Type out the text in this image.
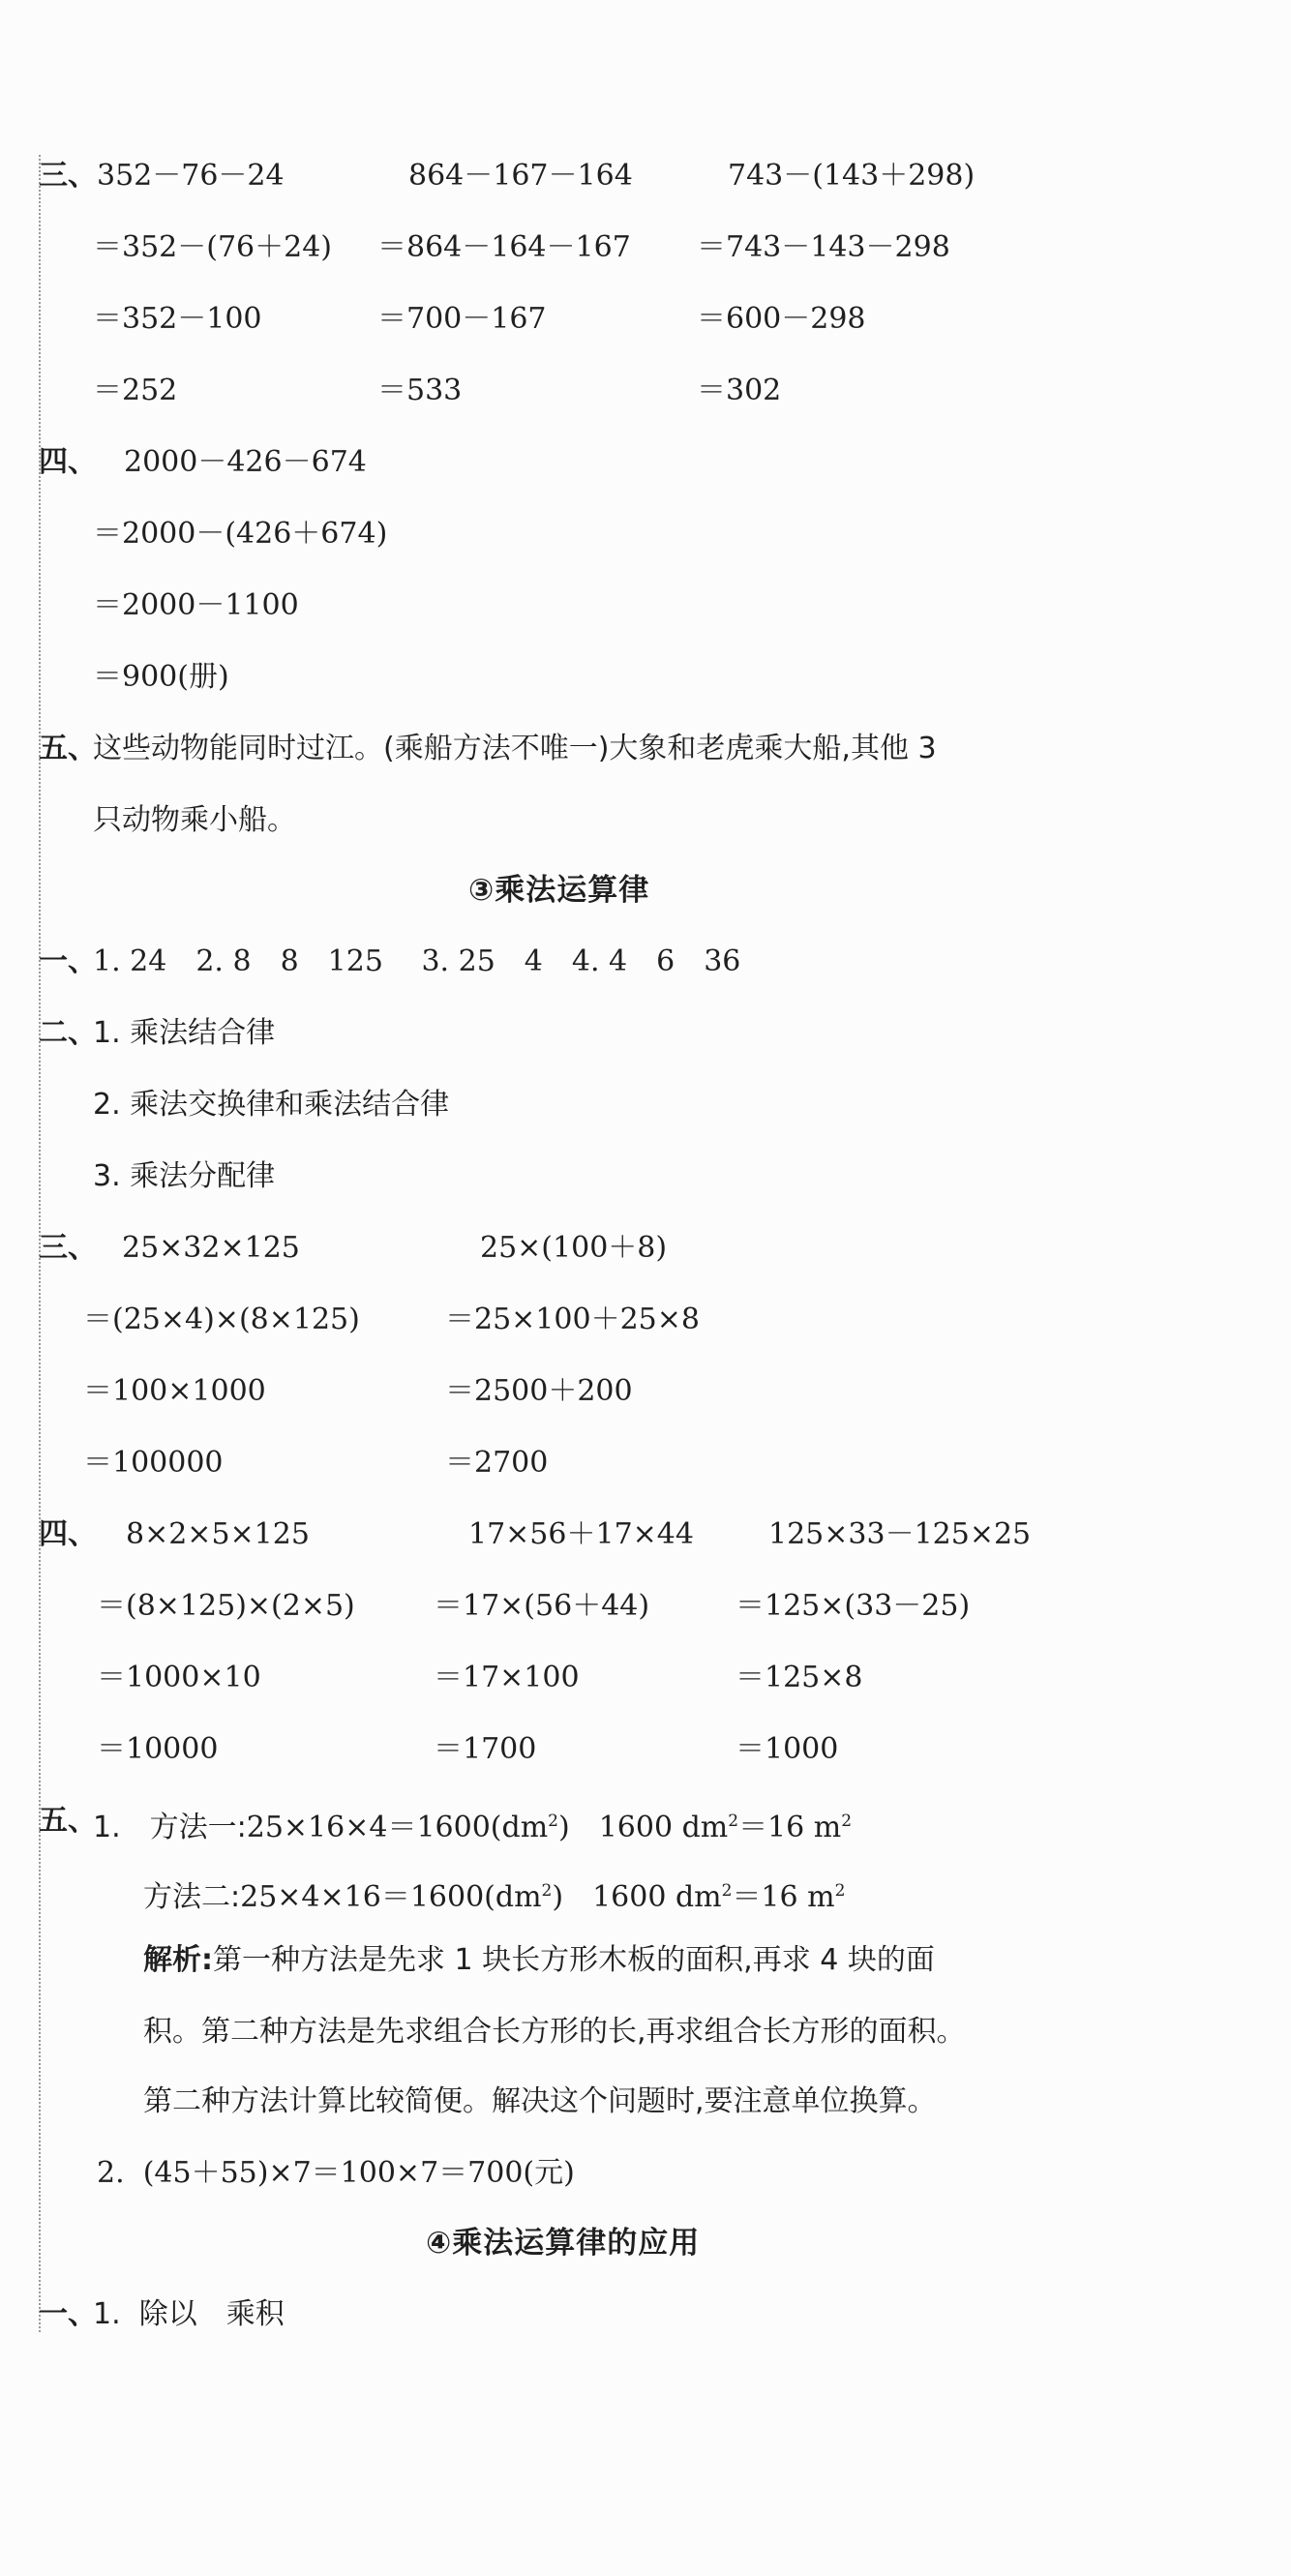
三、 352－76－24	864－167－164	743－(143＋298)
＝352－(76＋24) ＝864－164－167 ＝743－143－298
＝352－100	＝700－167	＝600－298
＝252	＝533	＝302
四、 2000－426－674
＝2000－(426＋674)
＝2000－1100
＝900(册)
五、
这些动物能同时过江。(乘船方法不唯一)大象和老虎乘大船,其他 3
只动物乘小船。
③乘法运算律
一、
1. 24　2. 8　8　125　 3. 25　4　4. 4　6　36
二、
1. 乘法结合律
2. 乘法交换律和乘法结合律
3. 乘法分配律
三、 25×32×125	25×(100＋8)
＝(25×4)×(8×125)	＝25×100＋25×8
＝100×1000	＝2500＋200
＝100000	＝2700
四、 8×2×5×125	17×56＋17×44	125×33－125×25
＝(8×125)×(2×5)	＝17×(56＋44)	＝125×(33－25)
＝1000×10	＝17×100	＝125×8
＝10000	＝1700	＝1000
五、
1.　方法一$:25\times 16\times 4=1600(dm^2)$　1600 $dm^2=16$ $m^2$
方法二$:25\times 4\times 16=1600(dm^2)$　1600 $dm^2=16$ $m^2$
解析:第一种方法是先求 1 块长方形木板的面积,再求 4 块的面
积。第二种方法是先求组合长方形的长,再求组合长方形的面积。
第二种方法计算比较简便。解决这个问题时,要注意单位换算。
2.  (45＋55)×7＝100×7＝700(元)
④乘法运算律的应用
一、
1.  除以　乘积
